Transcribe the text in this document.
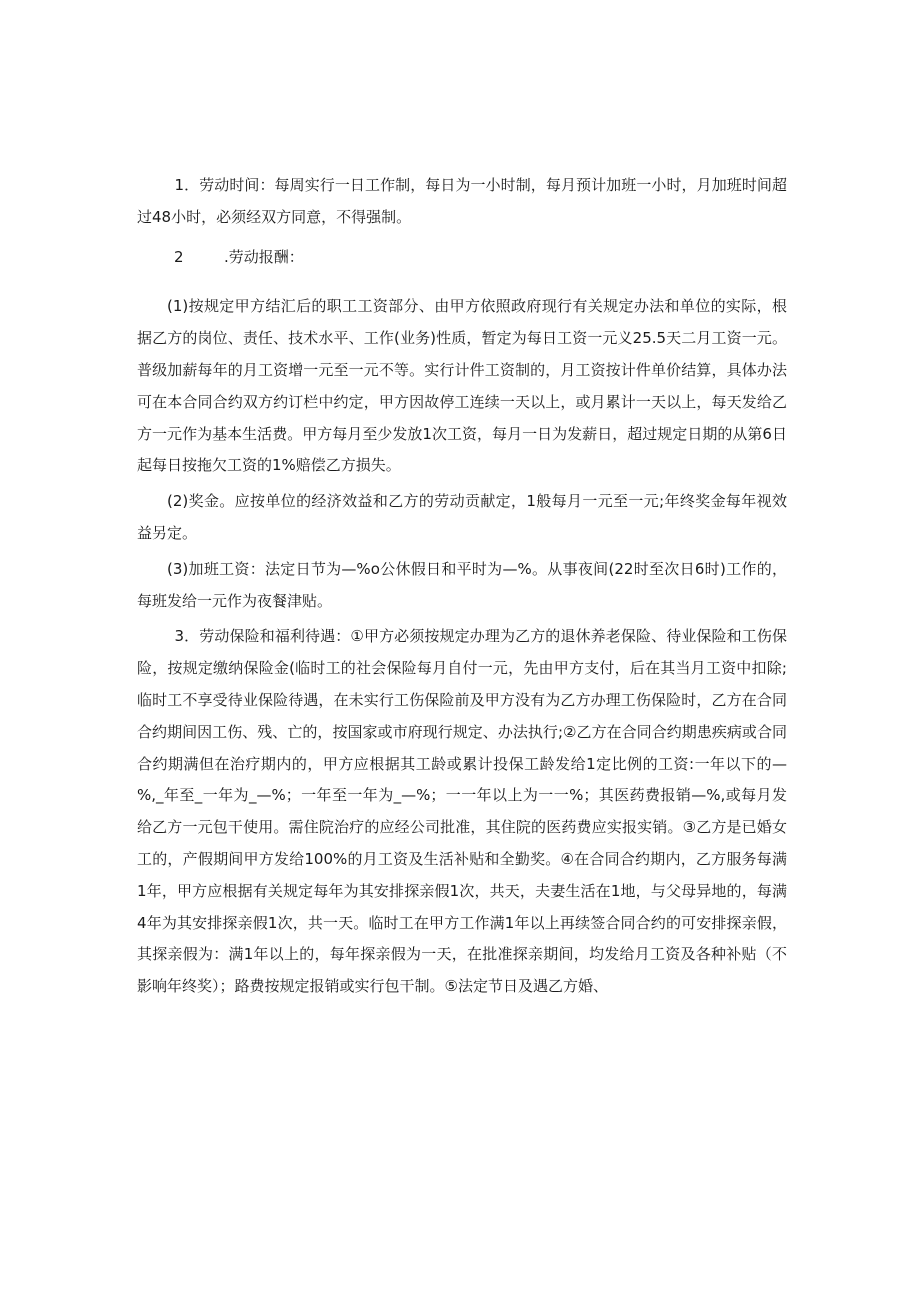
1．劳动时间：每周实行一日工作制，每日为一小时制，每月预计加班一小时，月加班时间超过48小时，必须经双方同意，不得强制。

2	.劳动报酬：

(1)按规定甲方结汇后的职工工资部分、由甲方依照政府现行有关规定办法和单位的实际，根据乙方的岗位、责任、技术水平、工作(业务)性质，暂定为每日工资一元义25.5天二月工资一元。普级加薪每年的月工资增一元至一元不等。实行计件工资制的，月工资按计件单价结算，具体办法可在本合同合约双方约订栏中约定，甲方因故停工连续一天以上，或月累计一天以上，每天发给乙方一元作为基本生活费。甲方每月至少发放1次工资，每月一日为发薪日，超过规定日期的从第6日起每日按拖欠工资的1%赔偿乙方损失。

(2)奖金。应按单位的经济效益和乙方的劳动贡献定，1般每月一元至一元;年终奖金每年视效益另定。

(3)加班工资：法定日节为—%o公休假日和平时为—%。从事夜间(22时至次日6时)工作的，每班发给一元作为夜餐津贴。

3．劳动保险和福利待遇：①甲方必须按规定办理为乙方的退休养老保险、待业保险和工伤保险，按规定缴纳保险金(临时工的社会保险每月自付一元，先由甲方支付，后在其当月工资中扣除;临时工不享受待业保险待遇，在未实行工伤保险前及甲方没有为乙方办理工伤保险时，乙方在合同合约期间因工伤、残、亡的，按国家或市府现行规定、办法执行;②乙方在合同合约期患疾病或合同合约期满但在治疗期内的，甲方应根据其工龄或累计投保工龄发给1定比例的工资:一年以下的—%,_年至_一年为_—%；一年至一年为_—%；一一年以上为一一%；其医药费报销—%,或每月发给乙方一元包干使用。需住院治疗的应经公司批准，其住院的医药费应实报实销。③乙方是已婚女工的，产假期间甲方发给100%的月工资及生活补贴和全勤奖。④在合同合约期内，乙方服务每满1年，甲方应根据有关规定每年为其安排探亲假1次，共天，夫妻生活在1地，与父母异地的，每满4年为其安排探亲假1次，共一天。临时工在甲方工作满1年以上再续签合同合约的可安排探亲假，其探亲假为：满1年以上的，每年探亲假为一天，在批准探亲期间，均发给月工资及各种补贴（不影响年终奖）；路费按规定报销或实行包干制。⑤法定节日及遇乙方婚、
